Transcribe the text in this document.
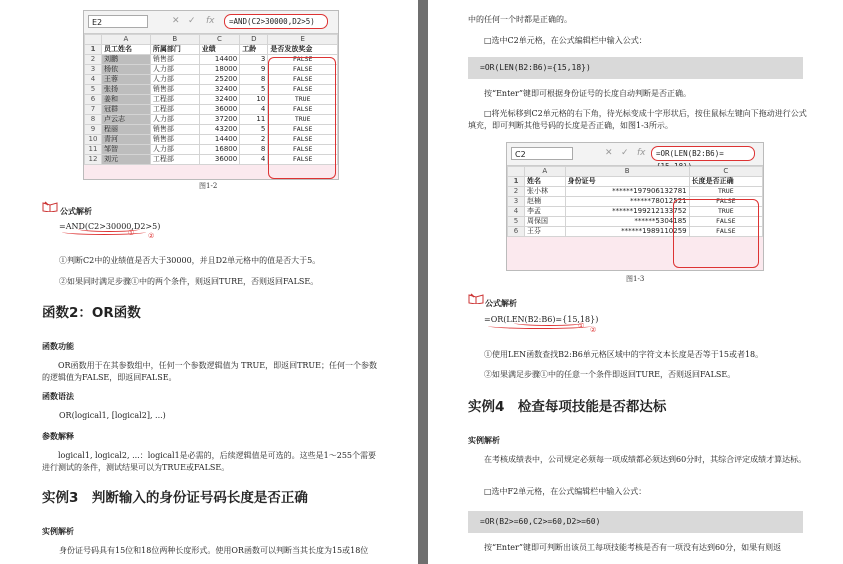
E2	✕ ✓ fx	=AND(C2>30000,D2>5)
	A	B	C	D	E
1	员工姓名	所属部门	业绩	工龄	是否发放奖金
2	刘鹏	销售部	14400	3	FALSE
3	杨依	人力部	18000	9	FALSE
4	王蓉	人力部	25200	8	FALSE
5	张扬	销售部	32400	5	FALSE
6	姜和	工程部	32400	10	TRUE
7	冠群	工程部	36000	4	FALSE
8	卢云志	人力部	37200	11	TRUE
9	程丽	销售部	43200	5	FALSE
10	青河	销售部	14400	2	FALSE
11	邹智	人力部	16800	8	FALSE
12	刘元	工程部	36000	4	FALSE
图1-2
公式解析
=AND(C2>30000,D2>5)
① ②
①判断C2中的业绩值是否大于30000，并且D2单元格中的值是否大于5。
②如果同时满足步骤①中的两个条件，则返回TURE，否则返回FALSE。
函数2：OR函数
函数功能
OR函数用于在其参数组中，任何一个参数逻辑值为 TRUE，即返回TRUE；任何一个参数的逻辑值为FALSE，即返回FALSE。
函数语法
OR(logical1, [logical2], ...)
参数解释
logical1, logical2, ...：logical1是必需的，后续逻辑值是可选的。这些是1～255个需要进行测试的条件，测试结果可以为TRUE或FALSE。
实例3　判断输入的身份证号码长度是否正确
实例解析
身份证号码具有15位和18位两种长度形式。使用OR函数可以判断当其长度为15或18位
中的任何一个时都是正确的。
□选中C2单元格，在公式编辑栏中输入公式：
=OR(LEN(B2:B6)={15,18})
按“Enter”键即可根据身份证号的长度自动判断是否正确。
□将光标移到C2单元格的右下角，待光标变成十字形状后，按住鼠标左键向下拖动进行公式填充，即可判断其他号码的长度是否正确，如图1-3所示。
C2	✕ ✓ fx	=OR(LEN(B2:B6)=
	A	B	C
1	姓名	身份证号	长度是否正确
2	张小林	******197906132781	TRUE
3	赵楠	******78012521	FALSE
4	李孟	******199212133752	TRUE
5	周保国	******5304185	FALSE
6	王芬	******1989110259	FALSE
图1-3
公式解析
=OR(LEN(B2:B6)={15,18})
① ②
①使用LEN函数查找B2:B6单元格区域中的字符文本长度是否等于15或者18。
②如果满足步骤①中的任意一个条件即返回TURE，否则返回FALSE。
实例4　检查每项技能是否都达标
实例解析
在考核成绩表中，公司规定必须每一项成绩都必须达到60分时，其综合评定成绩才算达标。
□选中F2单元格，在公式编辑栏中输入公式：
=OR(B2>=60,C2>=60,D2>=60)
按“Enter”键即可判断出该员工每项技能考核是否有一项没有达到60分，如果有则返
